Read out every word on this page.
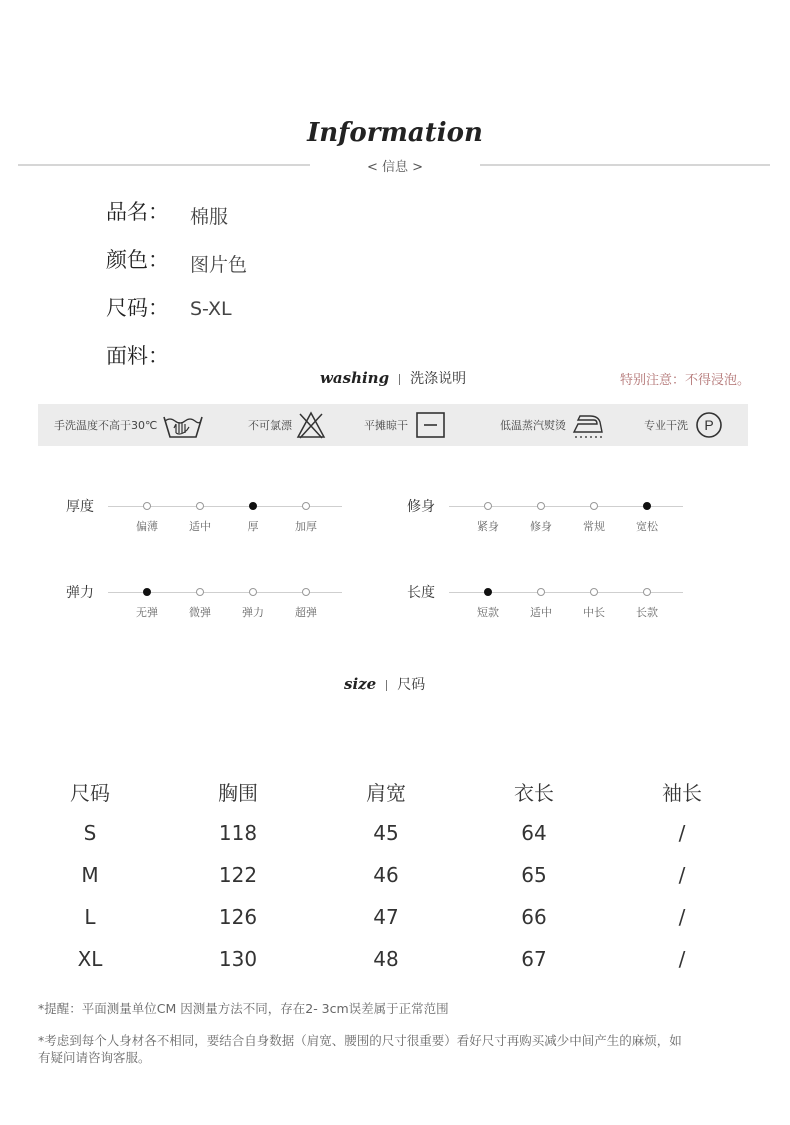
Information
< 信息 >
品名： 棉服
颜色： 图片色
尺码： S-XL
面料：
washing 洗涤说明	特别注意：不得浸泡。
手洗温度不高于30℃	不可氯漂	平摊晾干	低温蒸汽熨烫	专业干洗 P
厚度
偏薄	适中	厚	加厚
修身
紧身	修身	常规	宽松
弹力
无弹	微弹	弹力	超弹
长度
短款	适中	中长	长款
size 尺码
尺码	胸围	肩宽	衣长	袖长
S	118	45	64	/
M	122	46	65	/
L	126	47	66	/
XL	130	48	67	/
*提醒：平面测量单位CM 因测量方法不同，存在2- 3cm误差属于正常范围
*考虑到每个人身材各不相同，要结合自身数据（肩宽、腰围的尺寸很重要）看好尺寸再购买减少中间产生的麻烦，如
有疑问请咨询客服。
